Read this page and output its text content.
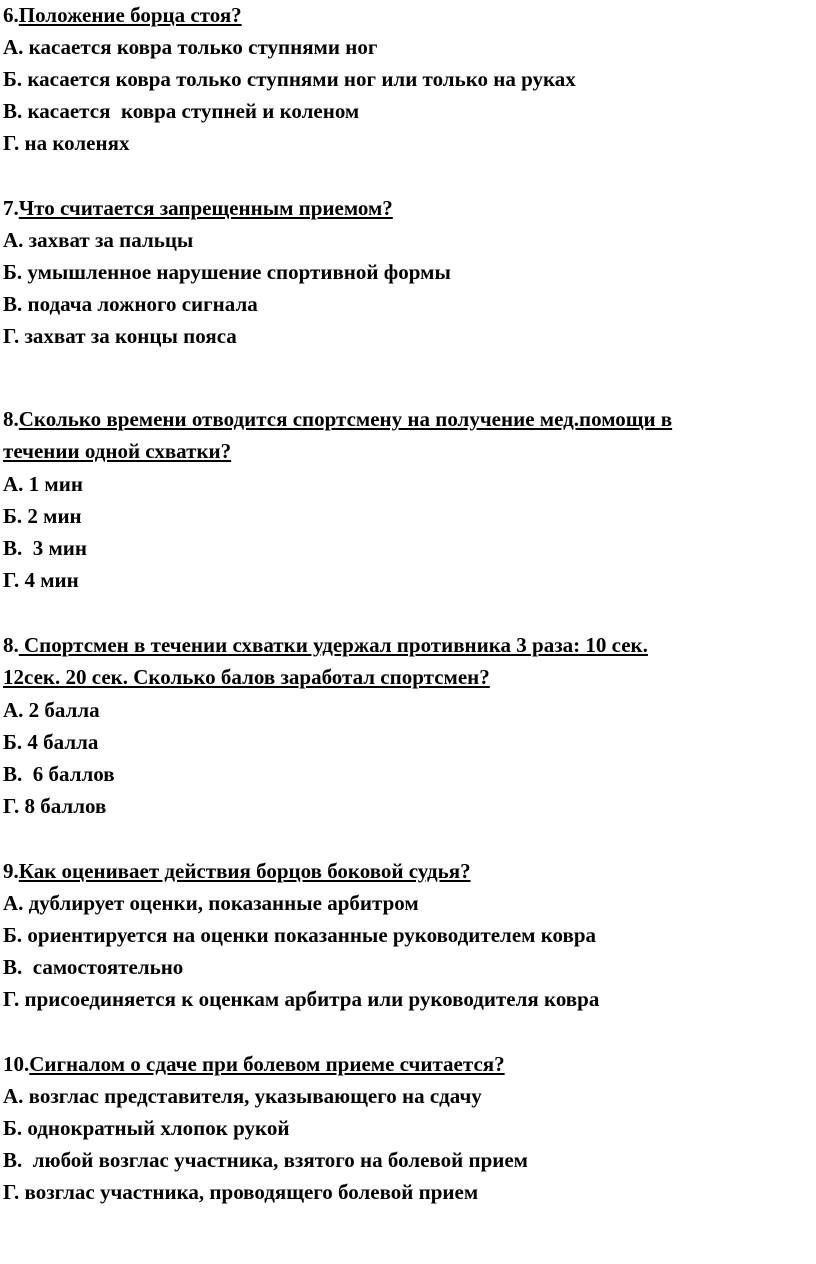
6.Положение борца стоя?
А. касается ковра только ступнями ног
Б. касается ковра только ступнями ног или только на руках
В. касается  ковра ступней и коленом
Г. на коленях
7.Что считается запрещенным приемом?
А. захват за пальцы
Б. умышленное нарушение спортивной формы
В. подача ложного сигнала
Г. захват за концы пояса
8.Сколько времени отводится спортсмену на получение мед.помощи в
течении одной схватки?
А. 1 мин
Б. 2 мин
В.  3 мин
Г. 4 мин
8. Спортсмен в течении схватки удержал противника 3 раза: 10 сек.
12сек. 20 сек. Сколько балов заработал спортсмен?
А. 2 балла
Б. 4 балла
В.  6 баллов
Г. 8 баллов
9.Как оценивает действия борцов боковой судья?
А. дублирует оценки, показанные арбитром
Б. ориентируется на оценки показанные руководителем ковра
В.  самостоятельно
Г. присоединяется к оценкам арбитра или руководителя ковра
10.Сигналом о сдаче при болевом приеме считается?
А. возглас представителя, указывающего на сдачу
Б. однократный хлопок рукой
В.  любой возглас участника, взятого на болевой прием
Г. возглас участника, проводящего болевой прием
